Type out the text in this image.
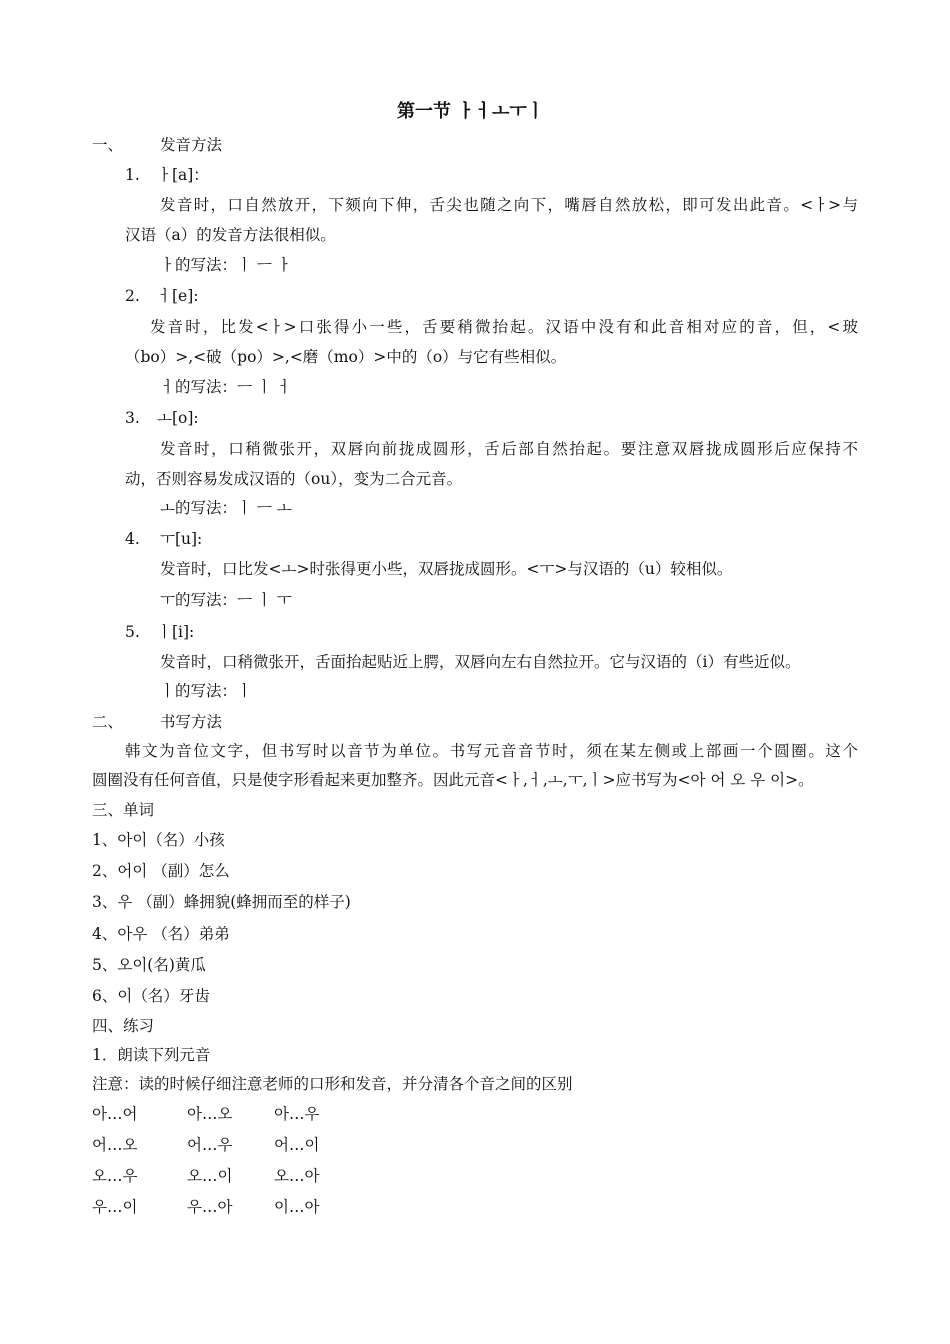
第一节 ㅏㅓㅗㅜㅣ
一、 发音方法
1. ㅏ[a]：
发音时，口自然放开，下颏向下伸，舌尖也随之向下，嘴唇自然放松，即可发出此音。<ㅏ>与
汉语（a）的发音方法很相似。
ㅏ的写法：ㅣ ㅡ ㅏ
2. ㅓ[e]:
发音时，比发<ㅏ>口张得小一些，舌要稍微抬起。汉语中没有和此音相对应的音，但，<玻
（bo）>,<破（po）>,<磨（mo）>中的（o）与它有些相似。
ㅓ的写法：ㅡ ㅣ ㅓ
3. ㅗ[o]:
发音时，口稍微张开，双唇向前拢成圆形，舌后部自然抬起。要注意双唇拢成圆形后应保持不
动，否则容易发成汉语的（ou），变为二合元音。
ㅗ的写法：ㅣ ㅡ ㅗ
4. ㅜ[u]:
发音时，口比发<ㅗ>时张得更小些，双唇拢成圆形。<ㅜ>与汉语的（u）较相似。
ㅜ的写法：ㅡ ㅣ ㅜ
5. ㅣ[i]:
发音时，口稍微张开，舌面抬起贴近上腭，双唇向左右自然拉开。它与汉语的（i）有些近似。
ㅣ的写法：ㅣ
二、 书写方法
韩文为音位文字，但书写时以音节为单位。书写元音音节时，须在某左侧或上部画一个圆圈。这个
圆圈没有任何音值，只是使字形看起来更加整齐。因此元音<ㅏ,ㅓ,ㅗ,ㅜ,ㅣ>应书写为<아 어 오 우 이>。
三、单词
1、아이（名）小孩
2、어이 （副）怎么
3、우 （副）蜂拥貌(蜂拥而至的样子)
4、아우 （名）弟弟
5、오이(名)黄瓜
6、이（名）牙齿
四、练习
1．朗读下列元音
注意：读的时候仔细注意老师的口形和发音，并分清各个音之间的区别
아…어	아…오	아…우
어…오	어…우	어…이
오…우	오…이	오…아
우…이	우…아	이…아
